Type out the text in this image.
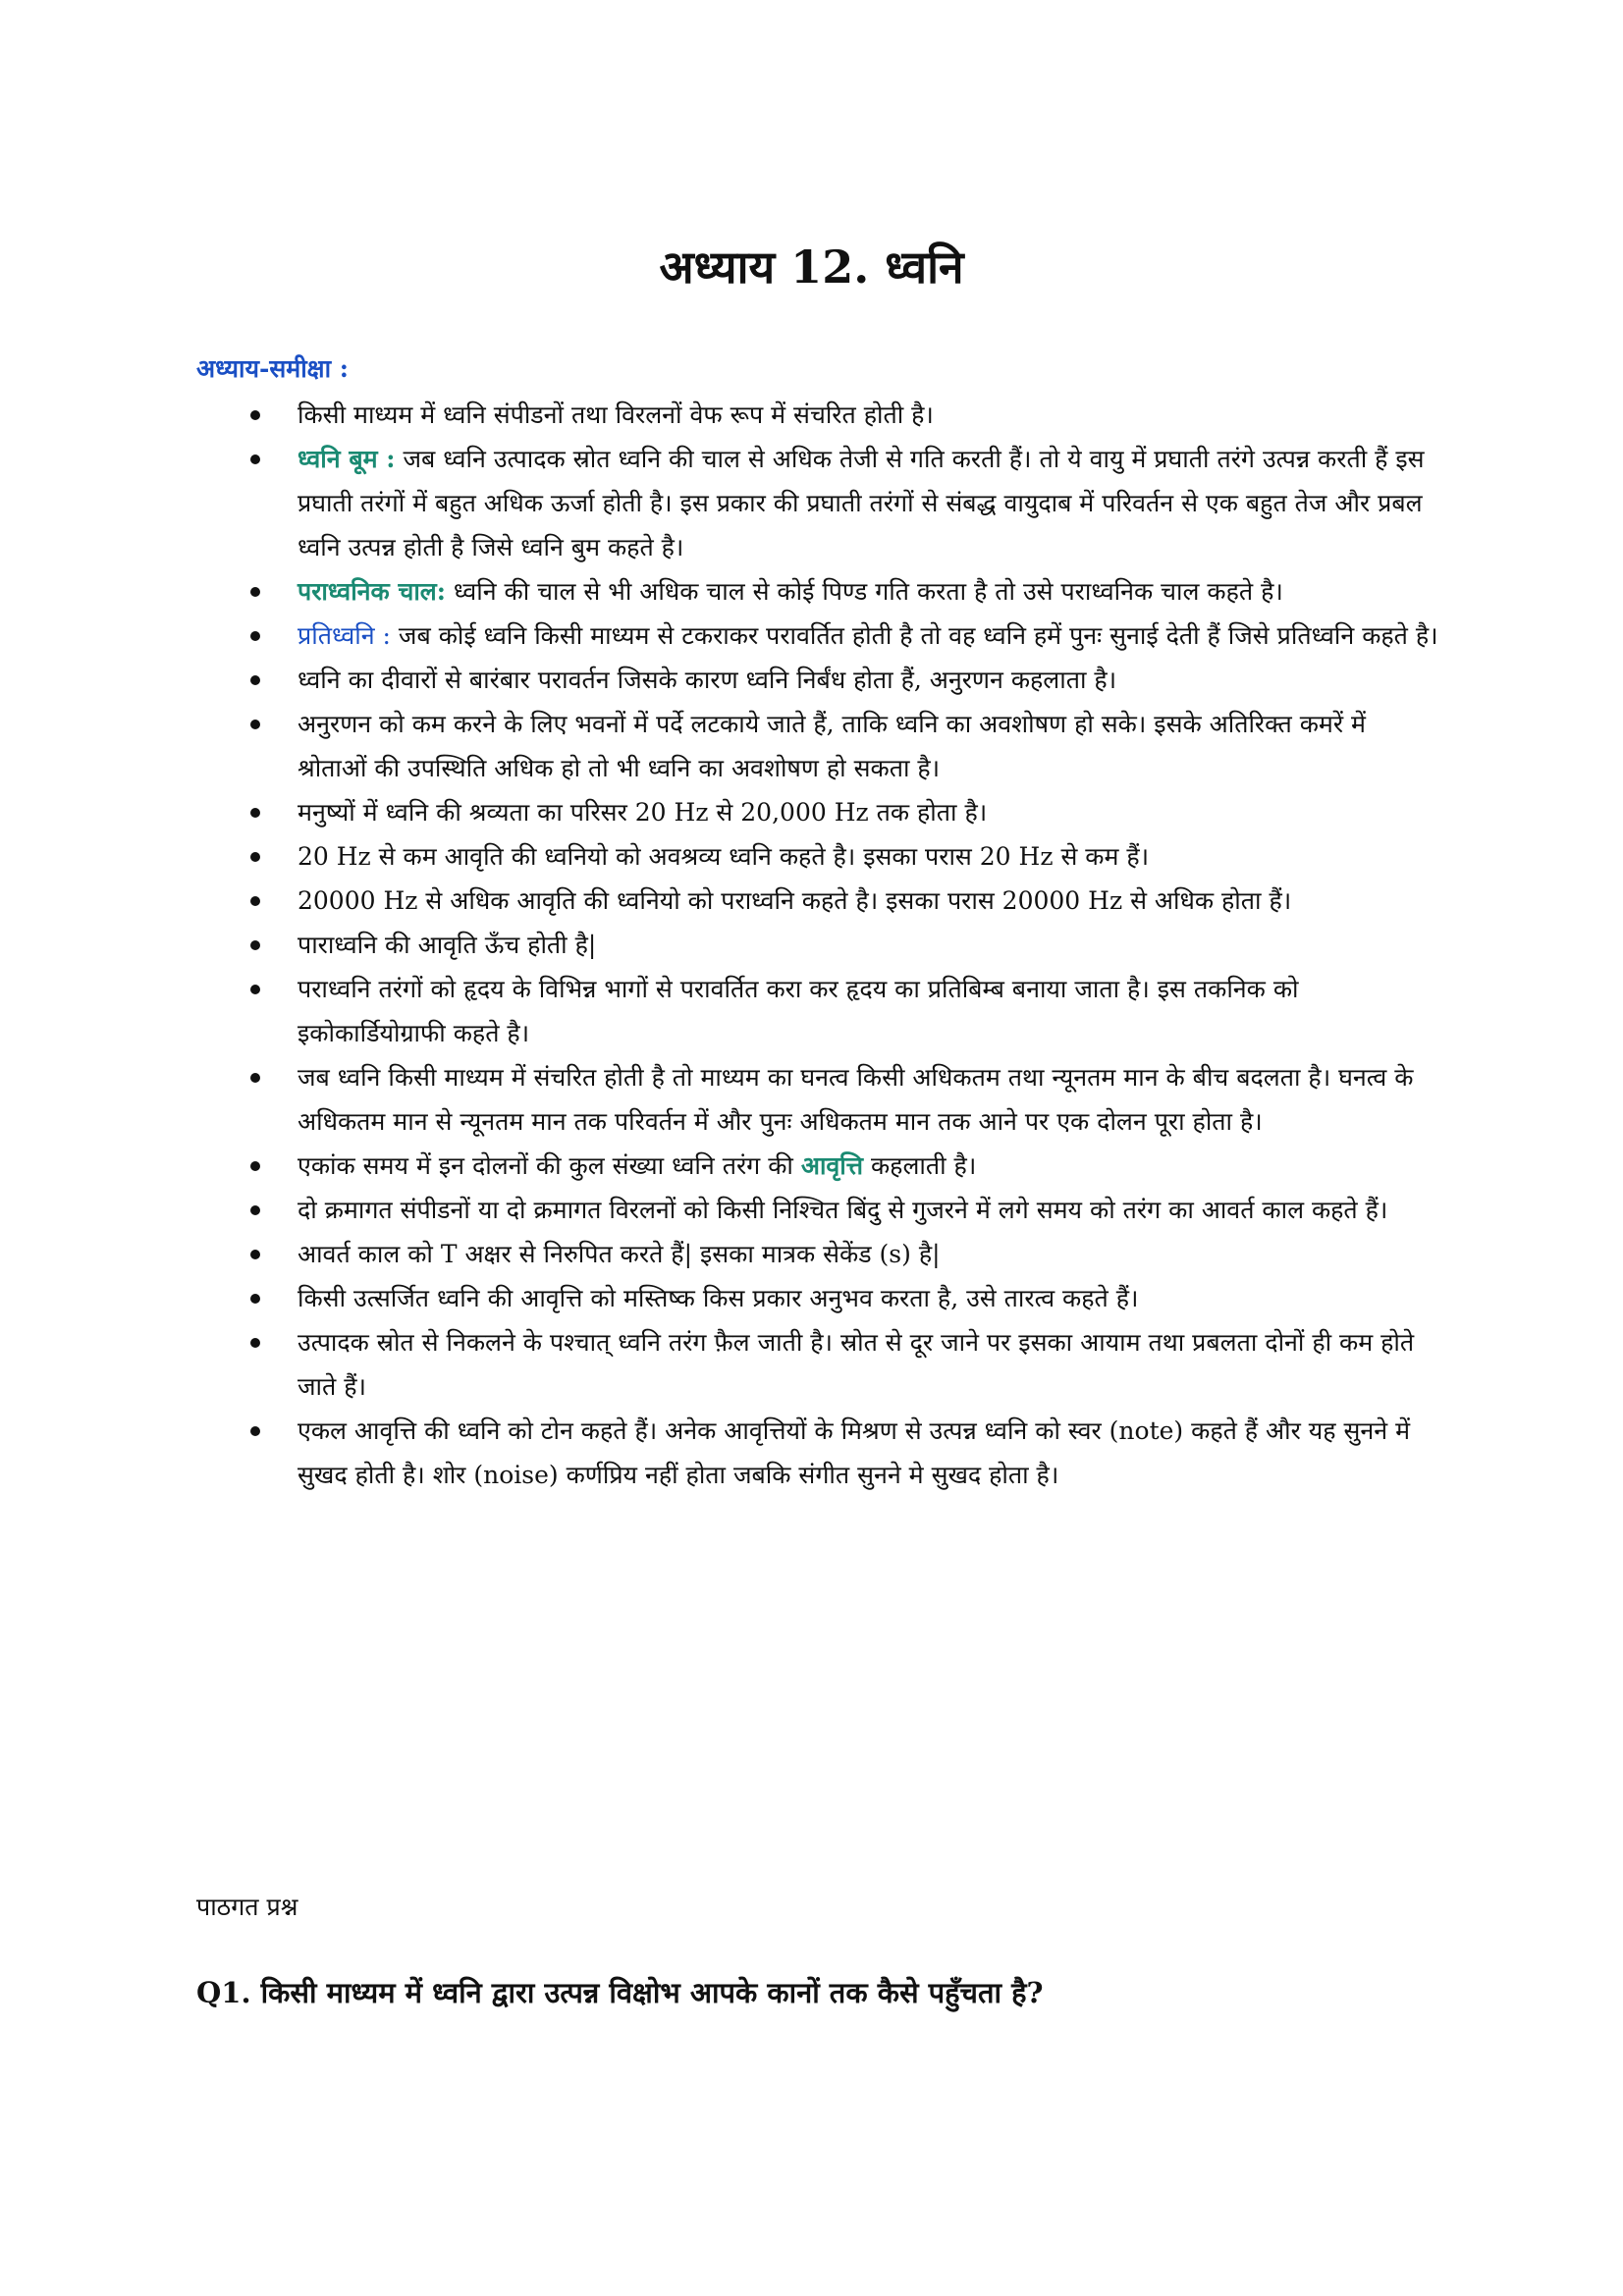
अध्याय 12. ध्वनि
अध्याय-समीक्षा :
किसी माध्यम में ध्वनि संपीडनों तथा विरलनों वेफ रूप में संचरित होती है।
ध्वनि बूम : जब ध्वनि उत्पादक स्रोत ध्वनि की चाल से अधिक तेजी से गति करती हैं। तो ये वायु में प्रघाती तरंगे उत्पन्न करती हैं इस प्रघाती तरंगों में बहुत अधिक ऊर्जा होती है। इस प्रकार की प्रघाती तरंगों से संबद्ध वायुदाब में परिवर्तन से एक बहुत तेज और प्रबल ध्वनि उत्पन्न होती है जिसे ध्वनि बुम कहते है।
पराध्वनिक चाल: ध्वनि की चाल से भी अधिक चाल से कोई पिण्ड गति करता है तो उसे पराध्वनिक चाल कहते है।
प्रतिध्वनि : जब कोई ध्वनि किसी माध्यम से टकराकर परावर्तित होती है तो वह ध्वनि हमें पुनः सुनाई देती हैं जिसे प्रतिध्वनि कहते है।
ध्वनि का दीवारों से बारंबार परावर्तन जिसके कारण ध्वनि निर्बंध होता हैं, अनुरणन कहलाता है।
अनुरणन को कम करने के लिए भवनों में पर्दे लटकाये जाते हैं, ताकि ध्वनि का अवशोषण हो सके। इसके अतिरिक्त कमरें में श्रोताओं की उपस्थिति अधिक हो तो भी ध्वनि का अवशोषण हो सकता है।
मनुष्यों में ध्वनि की श्रव्यता का परिसर 20 Hz से 20,000 Hz तक होता है।
20 Hz से कम आवृति की ध्वनियो को अवश्रव्य ध्वनि कहते है। इसका परास 20 Hz से कम हैं।
20000 Hz से अधिक आवृति की ध्वनियो को पराध्वनि कहते है। इसका परास 20000 Hz से अधिक होता हैं।
पाराध्वनि की आवृति ऊँच होती है|
पराध्वनि तरंगों को हृदय के विभिन्न भागों से परावर्तित करा कर हृदय का प्रतिबिम्ब बनाया जाता है। इस तकनिक को इकोकार्डियोग्राफी कहते है।
जब ध्वनि किसी माध्यम में संचरित होती है तो माध्यम का घनत्व किसी अधिकतम तथा न्यूनतम मान के बीच बदलता है। घनत्व के अधिकतम मान से न्यूनतम मान तक परिवर्तन में और पुनः अधिकतम मान तक आने पर एक दोलन पूरा होता है।
एकांक समय में इन दोलनों की कुल संख्या ध्वनि तरंग की आवृत्ति कहलाती है।
दो क्रमागत संपीडनों या दो क्रमागत विरलनों को किसी निश्चित बिंदु से गुजरने में लगे समय को तरंग का आवर्त काल कहते हैं।
आवर्त काल को T अक्षर से निरुपित करते हैं| इसका मात्रक सेकेंड (s) है|
किसी उत्सर्जित ध्वनि की आवृत्ति को मस्तिष्क किस प्रकार अनुभव करता है, उसे तारत्व कहते हैं।
उत्पादक स्रोत से निकलने के पश्चात् ध्वनि तरंग फ़ैल जाती है। स्रोत से दूर जाने पर इसका आयाम तथा प्रबलता दोनों ही कम होते जाते हैं।
एकल आवृत्ति की ध्वनि को टोन कहते हैं। अनेक आवृत्तियों के मिश्रण से उत्पन्न ध्वनि को स्वर (note) कहते हैं और यह सुनने में सुखद होती है। शोर (noise) कर्णप्रिय नहीं होता जबकि संगीत सुनने मे सुखद होता है।

पाठगत प्रश्न

Q1. किसी माध्यम में ध्वनि द्वारा उत्पन्न विक्षोभ आपके कानों तक कैसे पहुँचता है?
